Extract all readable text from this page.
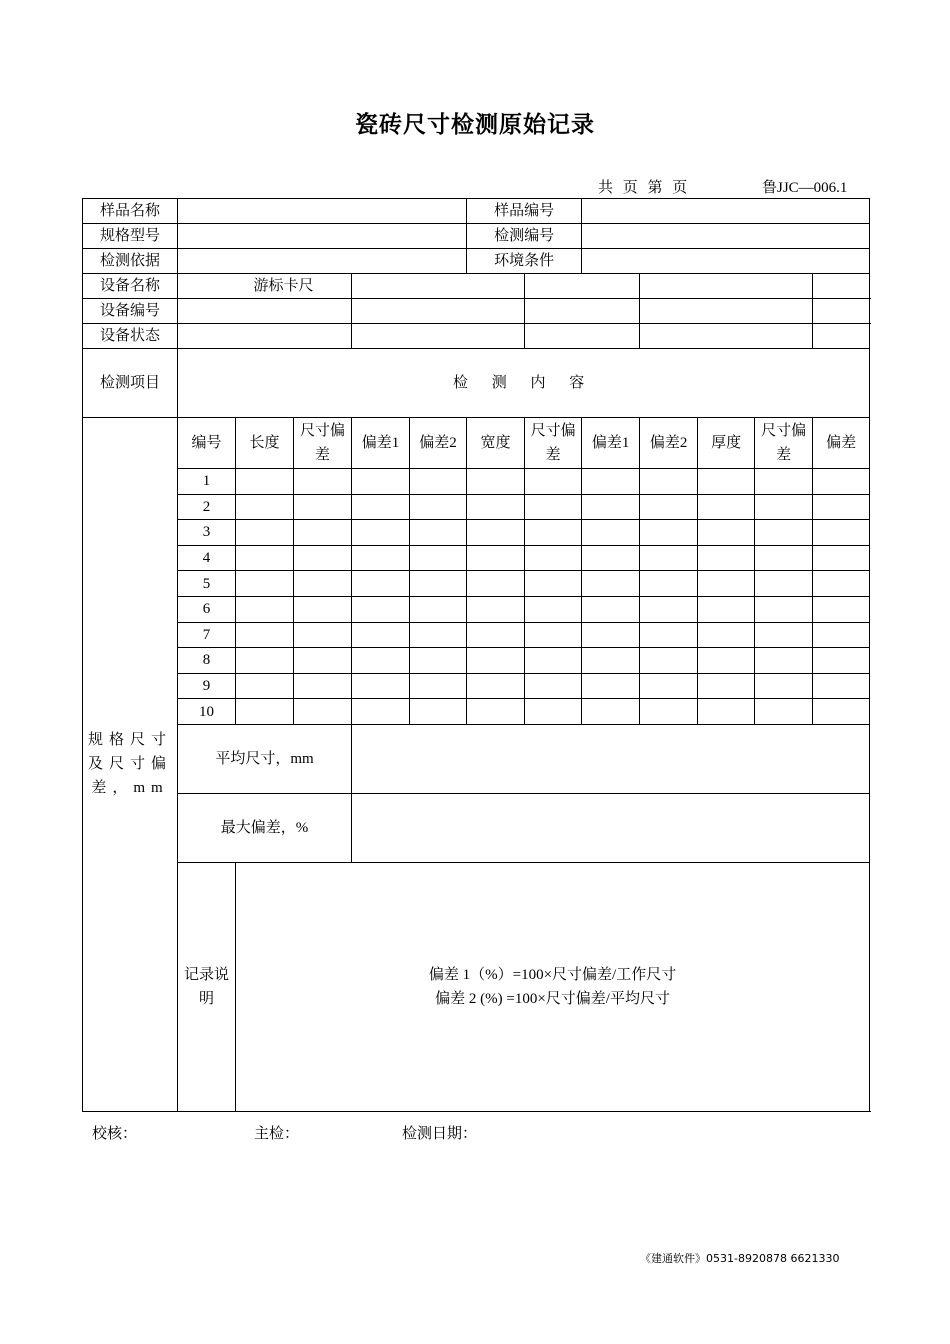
瓷砖尺寸检测原始记录
共 页 第 页	鲁JJC—006.1
样品名称						样品编号						
规格型号						检测编号						
检测依据						环境条件						
设备名称	游标卡尺											
设备编号												
设备状态												
检测项目	检 测 内 容											
规格尺寸及尺寸偏差，mm	编号	长度	尺寸偏差	偏差1	偏差2	宽度	尺寸偏差	偏差1	偏差2	厚度	尺寸偏差	偏差
	1											
	2											
	3											
	4											
	5											
	6											
	7											
	8											
	9											
	10											
	平均尺寸，mm											
	最大偏差，%											
	记录说明	偏差 1（%）=100×尺寸偏差/工作尺寸
偏差 2 (%) =100×尺寸偏差/平均尺寸										
校核：	主检：	检测日期：
《建通软件》0531-8920878 6621330
